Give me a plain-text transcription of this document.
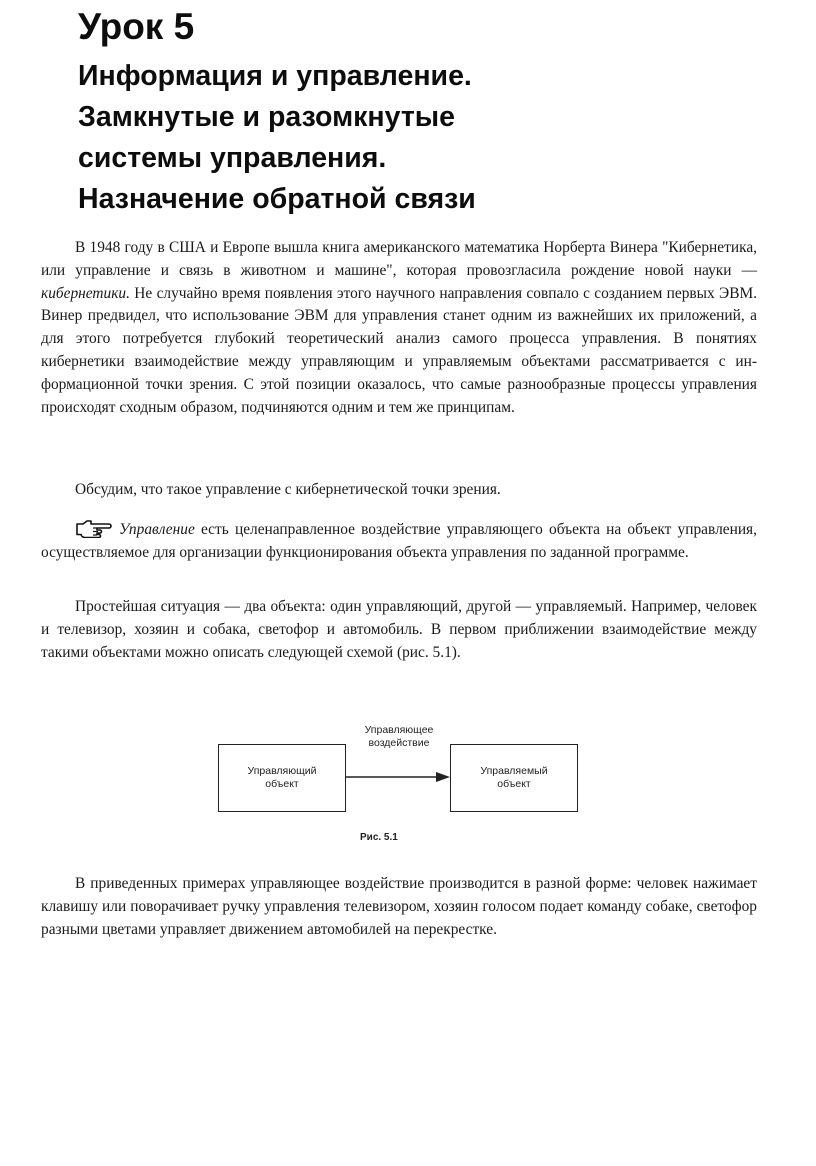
Урок 5
Информация и управление.
Замкнутые и разомкнутые
системы управления.
Назначение обратной связи

В 1948 году в США и Европе вышла книга американского математика Норберта Винера "Кибернетика, или управление и связь в животном и машине", которая провозгласила рождение новой науки — кибернетики. Не случайно время появления этого научного направления совпало с созданием первых ЭВМ. Винер предвидел, что использование ЭВМ для управления станет одним из важнейших их приложений, а для этого потребуется глубокий теоретический анализ самого процесса управления. В понятиях кибернетики взаимодействие между управляющим и управляемым объектами рассматривается с информационной точки зрения. С этой позиции оказалось, что самые разнообразные процессы управления происходят сходным образом, подчиняются одним и тем же принципам.

Обсудим, что такое управление с кибернетической точки зрения.

Управление есть целенаправленное воздействие управляющего объекта на объект управления, осуществляемое для организации функционирования объекта управления по заданной программе.

Простейшая ситуация — два объекта: один управляющий, другой — управляемый. Например, человек и телевизор, хозяин и собака, светофор и автомобиль. В первом приближении взаимодействие между такими объектами можно описать следующей схемой (рис. 5.1).

Управляющий
объект
Управляющее
воздействие
Управляемый
объект
Рис. 5.1

В приведенных примерах управляющее воздействие производится в разной форме: человек нажимает клавишу или поворачивает ручку управления телевизором, хозяин голосом подает команду собаке, светофор разными цветами управляет движением автомобилей на перекрестке.
